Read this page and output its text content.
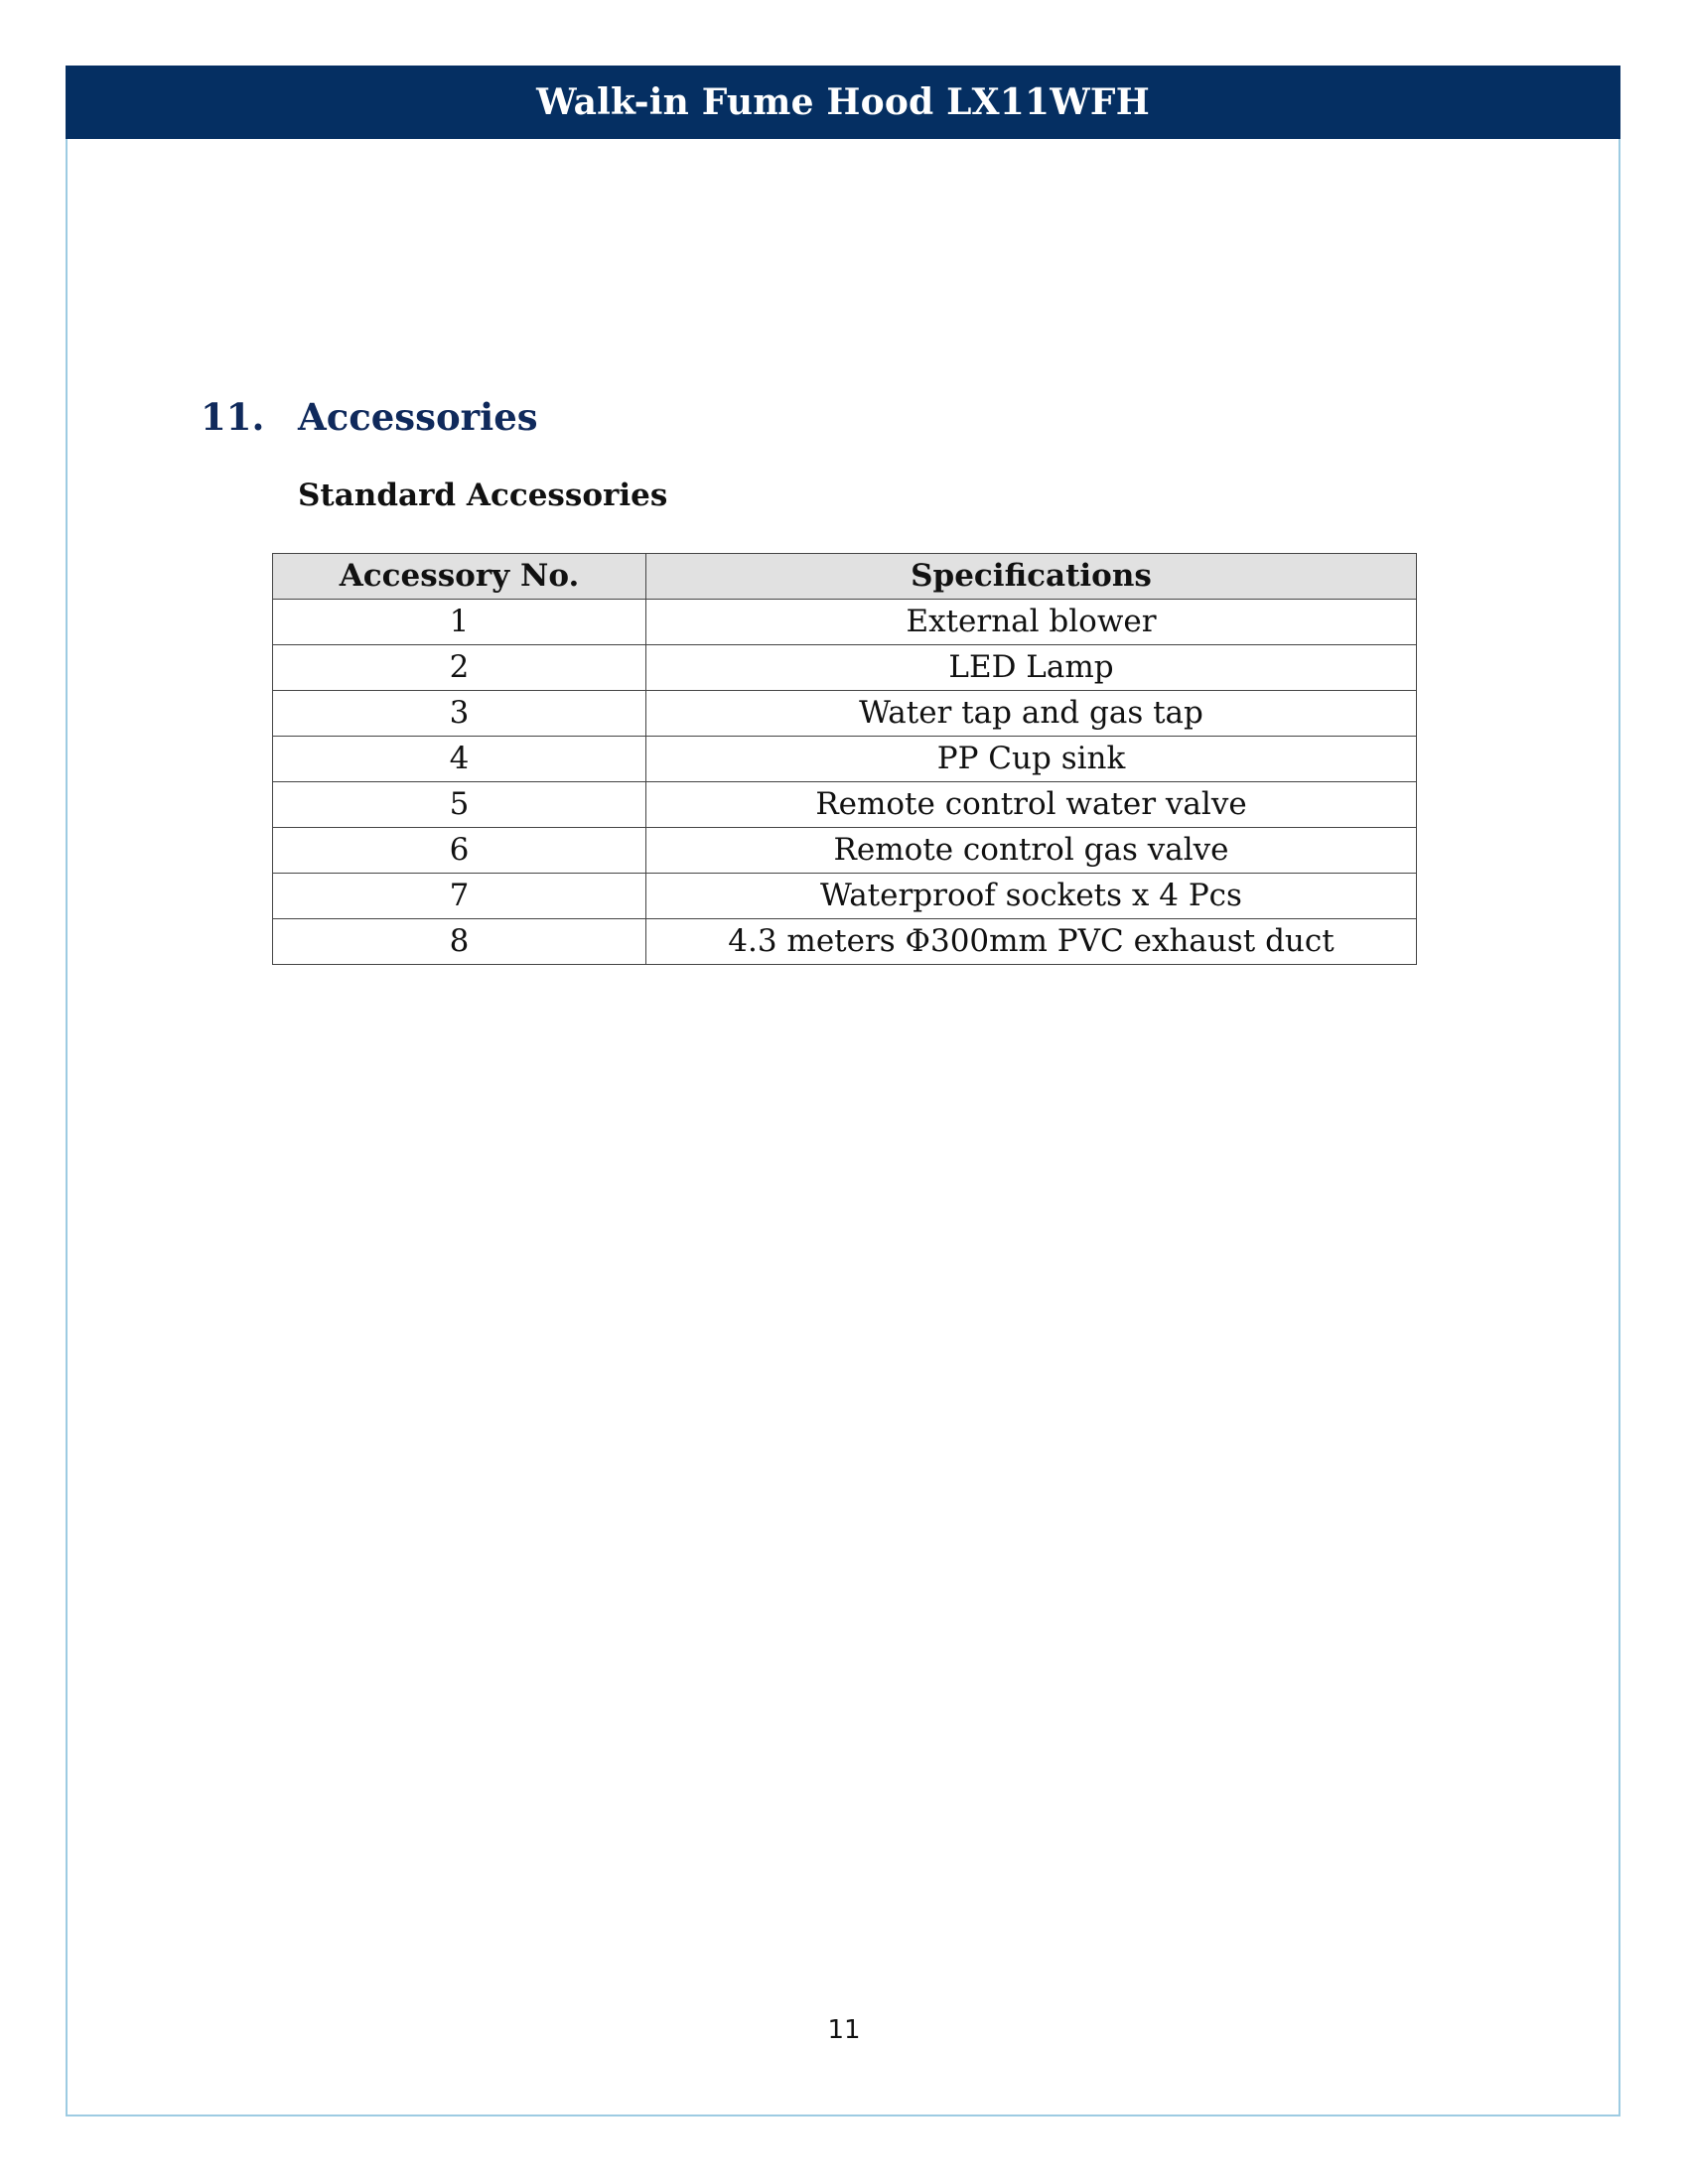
Walk-in Fume Hood LX11WFH
11. Accessories
Standard Accessories
Accessory No.	Specifications
1	External blower
2	LED Lamp
3	Water tap and gas tap
4	PP Cup sink
5	Remote control water valve
6	Remote control gas valve
7	Waterproof sockets x 4 Pcs
8	4.3 meters Φ300mm PVC exhaust duct
11
